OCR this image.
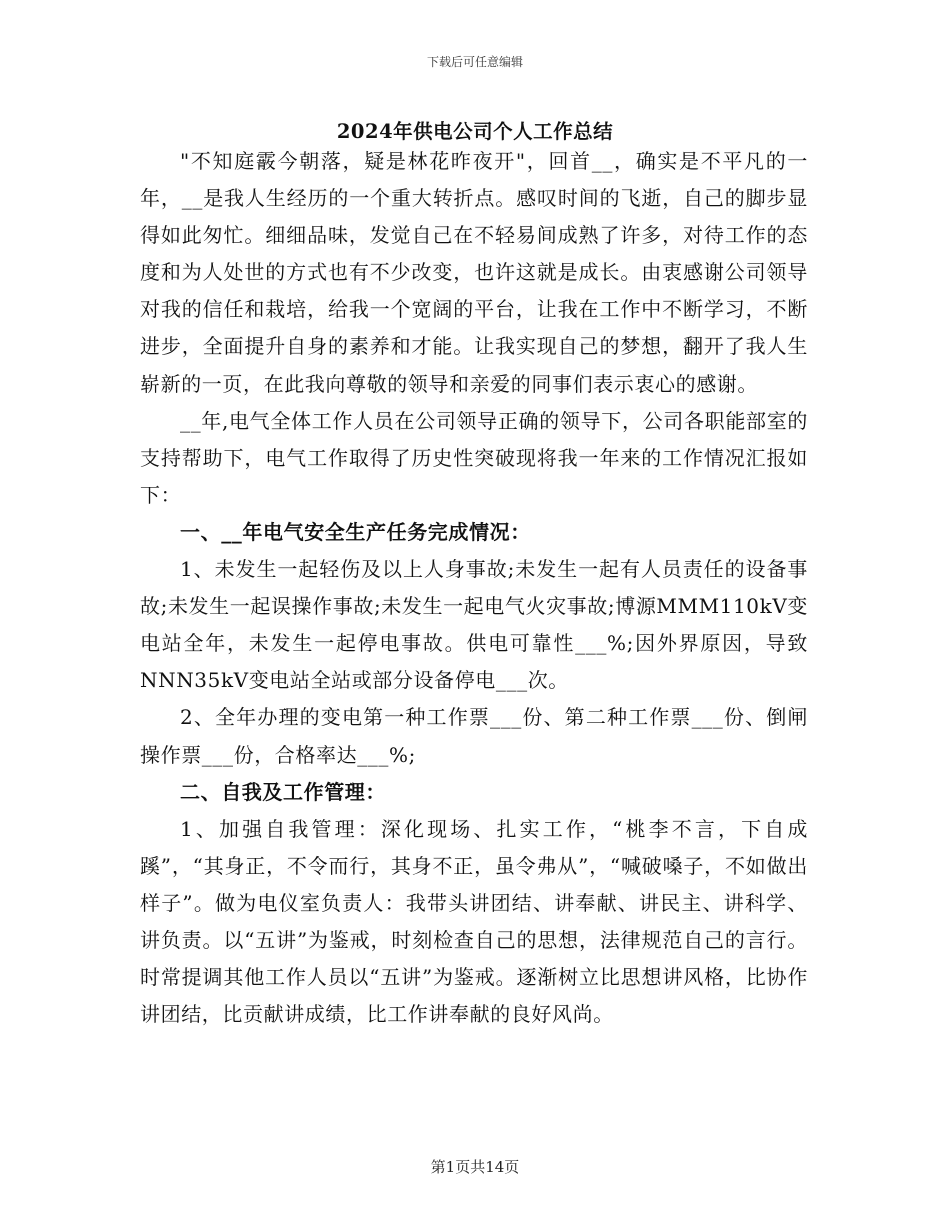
下载后可任意编辑
2024年供电公司个人工作总结

"不知庭霰今朝落，疑是林花昨夜开"，回首__，确实是不平凡的一年，__是我人生经历的一个重大转折点。感叹时间的飞逝，自己的脚步显得如此匆忙。细细品味，发觉自己在不轻易间成熟了许多，对待工作的态度和为人处世的方式也有不少改变，也许这就是成长。由衷感谢公司领导对我的信任和栽培，给我一个宽阔的平台，让我在工作中不断学习，不断进步，全面提升自身的素养和才能。让我实现自己的梦想，翻开了我人生崭新的一页，在此我向尊敬的领导和亲爱的同事们表示衷心的感谢。

__年,电气全体工作人员在公司领导正确的领导下，公司各职能部室的支持帮助下，电气工作取得了历史性突破现将我一年来的工作情况汇报如下：

一、__年电气安全生产任务完成情况：

1、未发生一起轻伤及以上人身事故;未发生一起有人员责任的设备事故;未发生一起误操作事故;未发生一起电气火灾事故;博源MMM110kV变电站全年，未发生一起停电事故。供电可靠性___%;因外界原因，导致NNN35kV变电站全站或部分设备停电___次。

2、全年办理的变电第一种工作票___份、第二种工作票___份、倒闸操作票___份，合格率达___%;

二、自我及工作管理：

1、加强自我管理：深化现场、扎实工作，“桃李不言，下自成蹊”，“其身正，不令而行，其身不正，虽令弗从”，“喊破嗓子，不如做出样子”。做为电仪室负责人：我带头讲团结、讲奉献、讲民主、讲科学、讲负责。以“五讲”为鉴戒，时刻检查自己的思想，法律规范自己的言行。时常提调其他工作人员以“五讲”为鉴戒。逐渐树立比思想讲风格，比协作讲团结，比贡献讲成绩，比工作讲奉献的良好风尚。

第1页共14页
